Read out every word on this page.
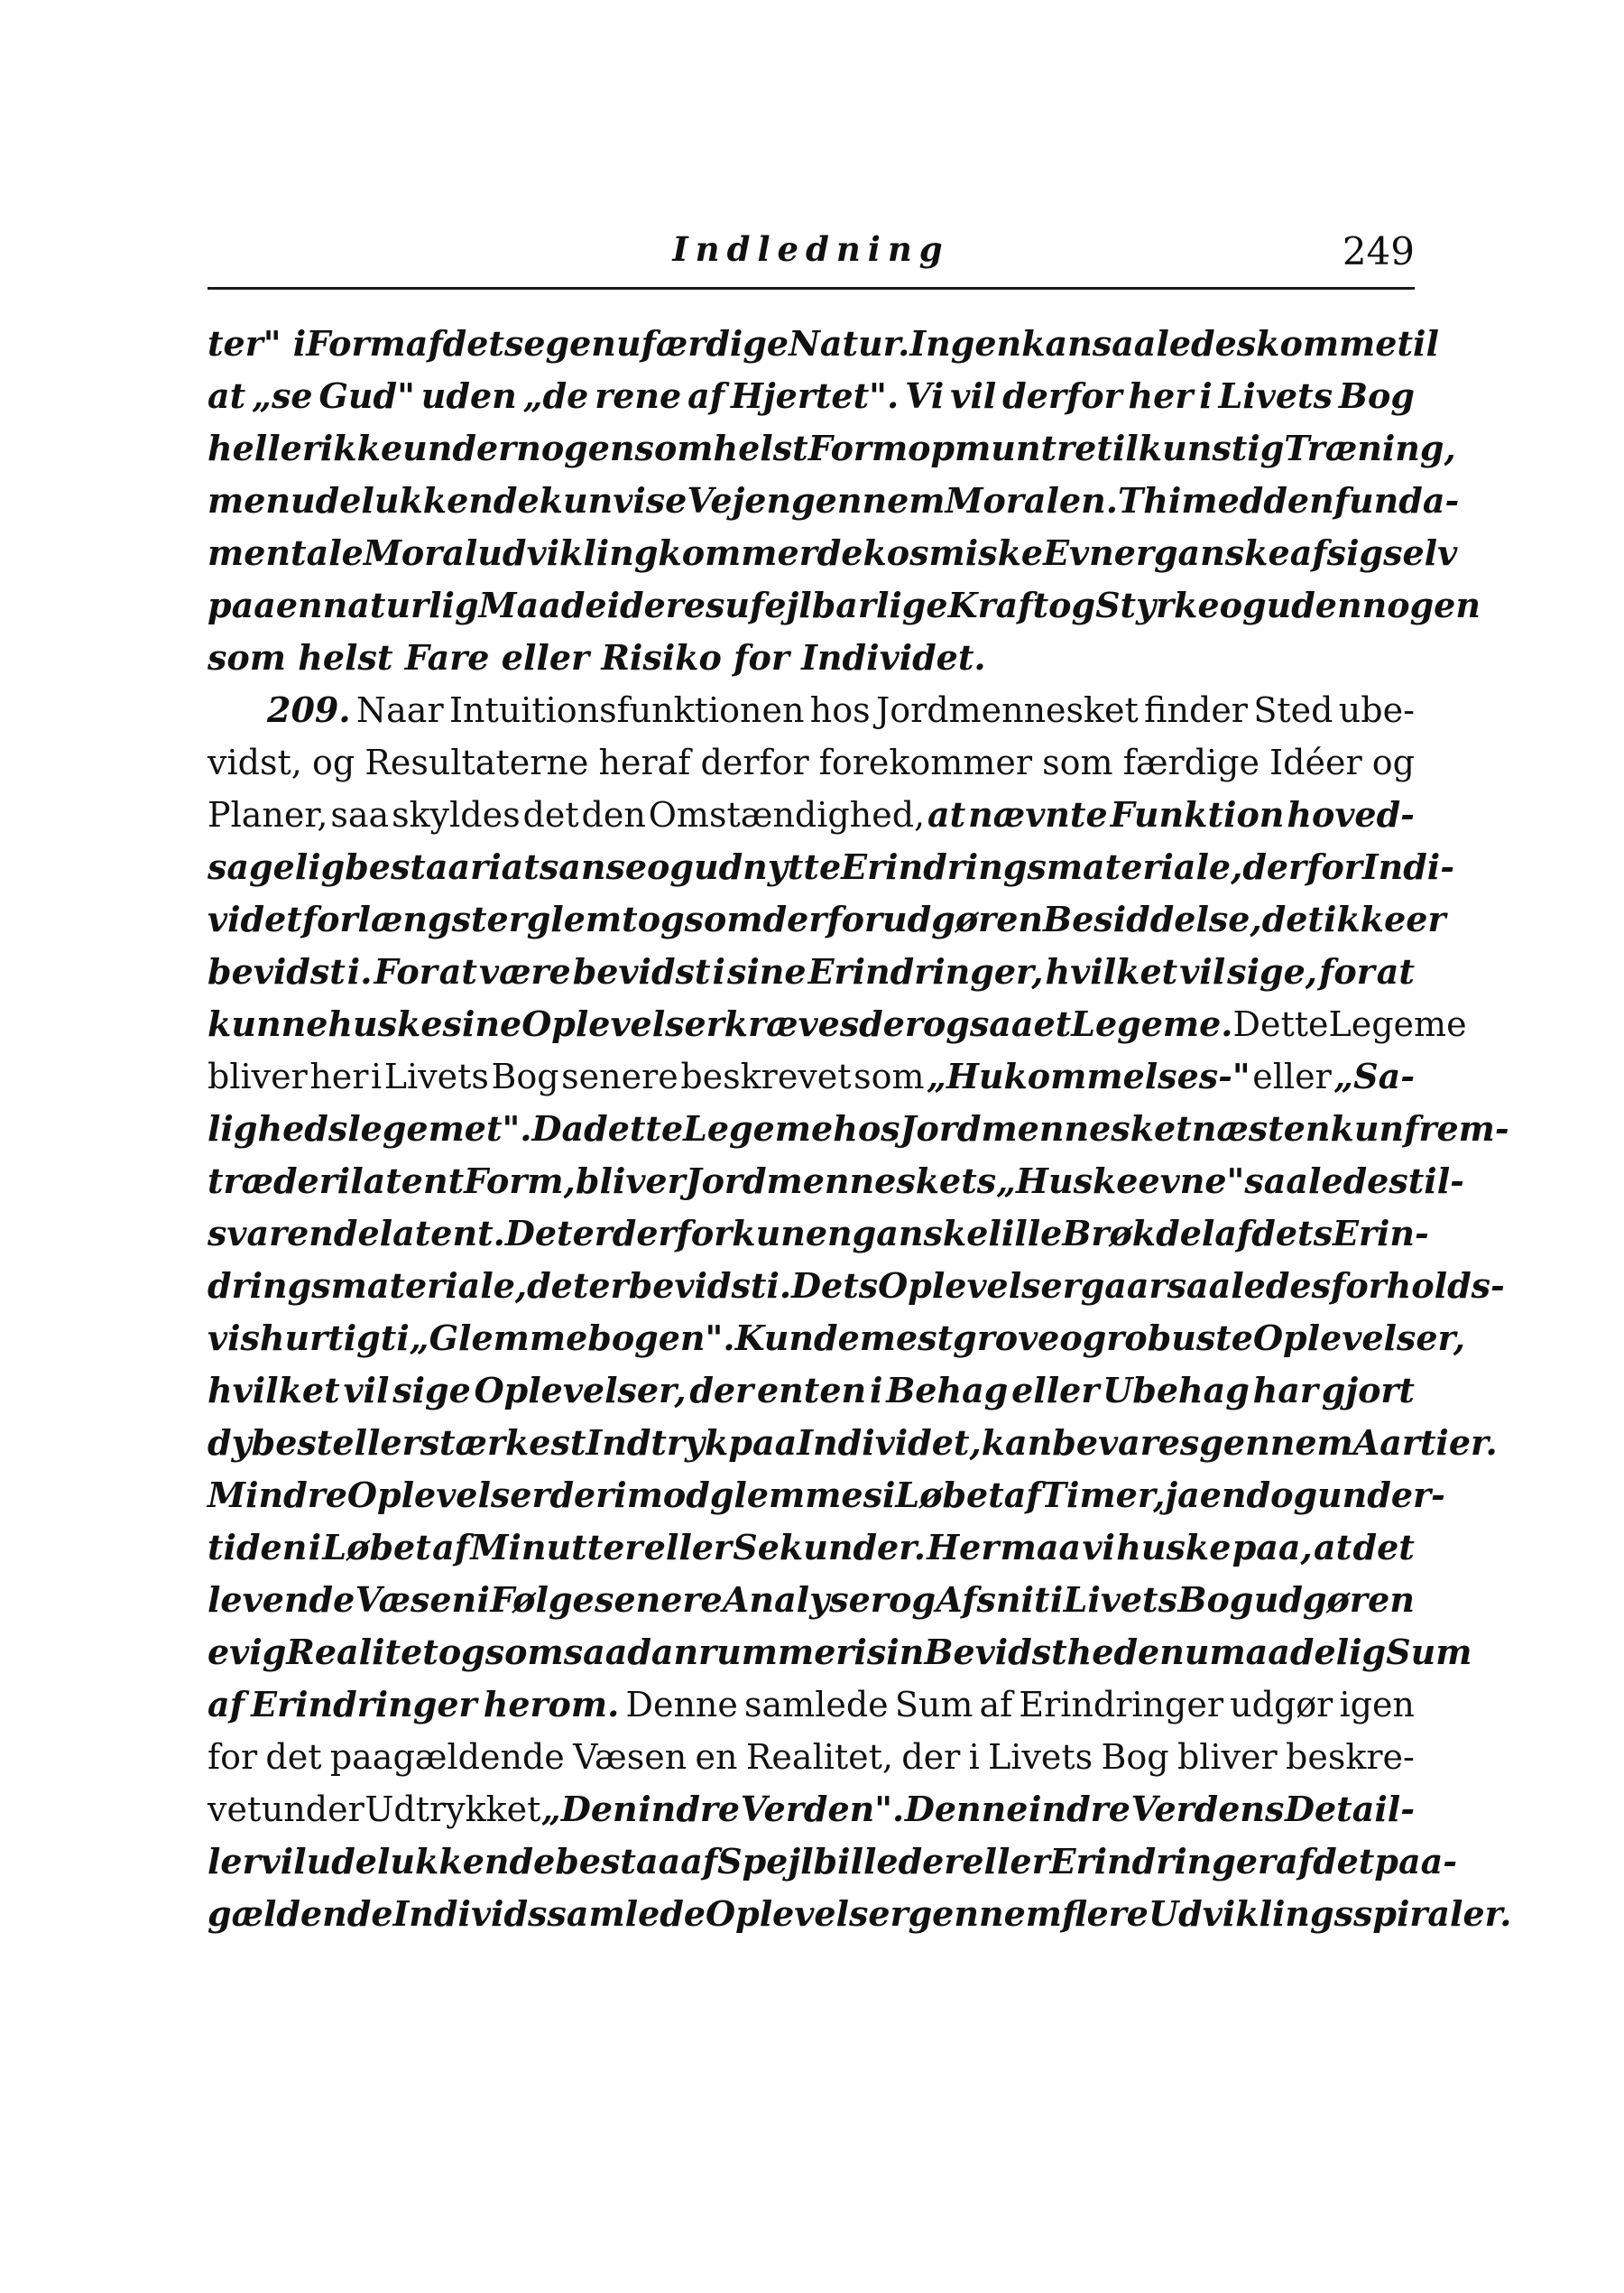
Indledning	249
ter" i Form af dets egen ufærdige Natur. Ingen kan saaledes komme til
at „se Gud" uden „de rene af Hjertet". Vi vil derfor her i Livets Bog
heller ikke under nogen som helst Form opmuntre til kunstig Træning,
men udelukkende kun vise Vejen gennem Moralen. Thi med den funda-
mentale Moraludvikling kommer de kosmiske Evner ganske af sig selv
paa en naturlig Maade i deres ufejlbarlige Kraft og Styrke og uden nogen
som helst Fare eller Risiko for Individet.
209. Naar Intuitionsfunktionen hos Jordmennesket finder Sted ube-
vidst, og Resultaterne heraf derfor forekommer som færdige Idéer og
Planer, saa skyldes det den Omstændighed, at nævnte Funktion hoved-
sagelig bestaar i at sanse og udnytte Erindringsmateriale, der for Indi-
videt forlængst er glemt og som derfor udgør en Besiddelse, det ikke er
bevidst i. For at være bevidst i sine Erindringer, hvilket vil sige, for at
kunne huske sine Oplevelser kræves der ogsaa et Legeme. Dette Legeme
bliver her i Livets Bog senere beskrevet som „Hukommelses-" eller „Sa-
lighedslegemet". Da dette Legeme hos Jordmennesket næsten kun frem-
træder i latent Form, bliver Jordmenneskets „Huskeevne" saaledes til-
svarende latent. Det er derfor kun en ganske lille Brøkdel af dets Erin-
dringsmateriale, det er bevidst i. Dets Oplevelser gaar saaledes forholds-
vis hurtigt i „Glemmebogen". Kun de mest grove og robuste Oplevelser,
hvilket vil sige Oplevelser, der enten i Behag eller Ubehag har gjort
dybest eller stærkest Indtryk paa Individet, kan bevares gennem Aartier.
Mindre Oplevelser derimod glemmes i Løbet af Timer, ja endog under-
tiden i Løbet af Minutter eller Sekunder. Her maa vi huske paa, at det
levende Væsen i Følge senere Analyser og Afsnit i Livets Bog udgør en
evig Realitet og som saadan rummer i sin Bevidsthed en umaadelig Sum
af Erindringer herom. Denne samlede Sum af Erindringer udgør igen
for det paagældende Væsen en Realitet, der i Livets Bog bliver beskre-
vet under Udtrykket „Den indre Verden". Denne indre Verdens Detail-
ler vil udelukkende bestaa af Spejlbilleder eller Erindringer af det paa-
gældende Individs samlede Oplevelser gennem flere Udviklingsspiraler.
